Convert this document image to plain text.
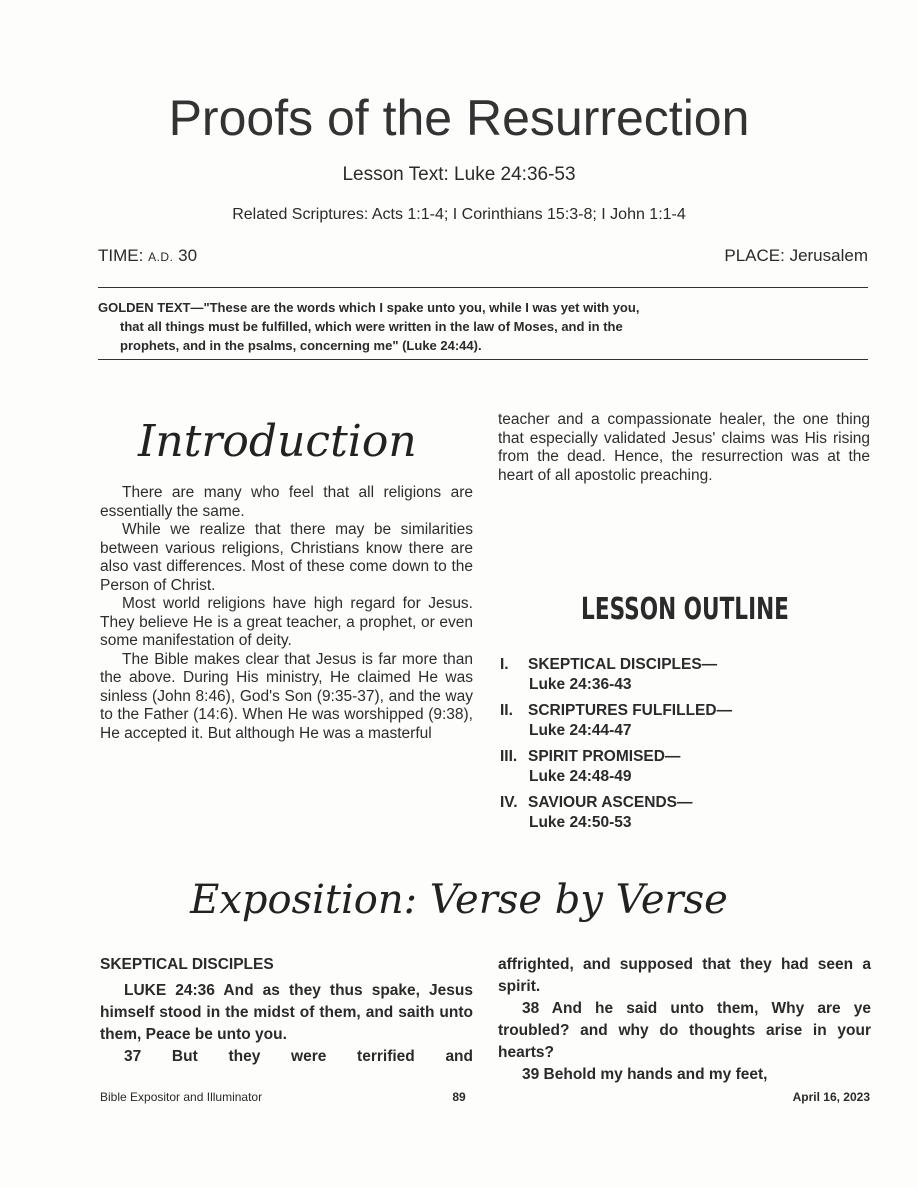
Proofs of the Resurrection
Lesson Text: Luke 24:36-53
Related Scriptures: Acts 1:1-4; I Corinthians 15:3-8; I John 1:1-4
TIME: A.D. 30	PLACE: Jerusalem
GOLDEN TEXT—"These are the words which I spake unto you, while I was yet with you,
that all things must be fulfilled, which were written in the law of Moses, and in the
prophets, and in the psalms, concerning me" (Luke 24:44).
Introduction

There are many who feel that all religions are essentially the same.

While we realize that there may be similarities between various religions, Christians know there are also vast differences. Most of these come down to the Person of Christ.

Most world religions have high regard for Jesus. They believe He is a great teacher, a prophet, or even some manifestation of deity.

The Bible makes clear that Jesus is far more than the above. During His ministry, He claimed He was sinless (John 8:46), God's Son (9:35-37), and the way to the Father (14:6). When He was worshipped (9:38), He accepted it. But although He was a masterful

teacher and a compassionate healer, the one thing that especially validated Jesus' claims was His rising from the dead. Hence, the resurrection was at the heart of all apostolic preaching.

LESSON OUTLINE
I. SKEPTICAL DISCIPLES—
Luke 24:36-43
II. SCRIPTURES FULFILLED—
Luke 24:44-47
III. SPIRIT PROMISED—
Luke 24:48-49
IV. SAVIOUR ASCENDS—
Luke 24:50-53
Exposition: Verse by Verse

SKEPTICAL DISCIPLES

LUKE 24:36 And as they thus spake, Jesus himself stood in the midst of them, and saith unto them, Peace be unto you.

37 But they were terrified and

affrighted, and supposed that they had seen a spirit.

38 And he said unto them, Why are ye troubled? and why do thoughts arise in your hearts?

39 Behold my hands and my feet,

Bible Expositor and Illuminator	89	April 16, 2023
